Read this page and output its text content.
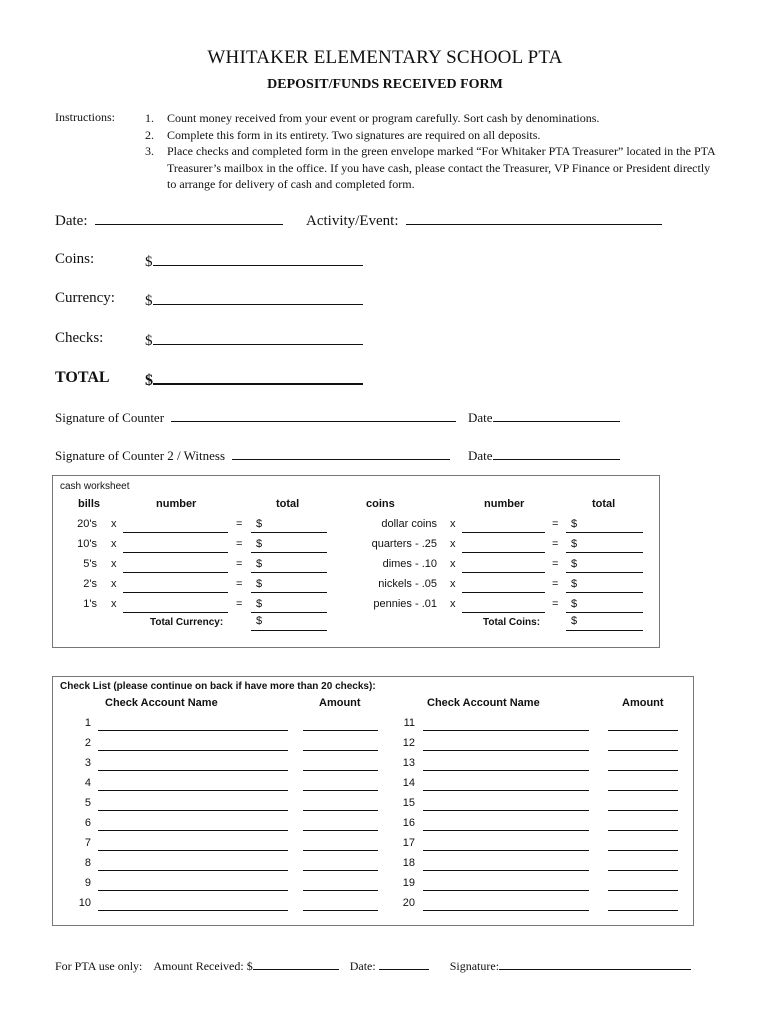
WHITAKER ELEMENTARY SCHOOL PTA
DEPOSIT/FUNDS RECEIVED FORM
Instructions:	1.	Count money received from your event or program carefully. Sort cash by denominations.
2.	Complete this form in its entirety. Two signatures are required on all deposits.
3.	Place checks and completed form in the green envelope marked “For Whitaker PTA Treasurer” located in the PTA Treasurer’s mailbox in the office. If you have cash, please contact the Treasurer, VP Finance or President directly to arrange for delivery of cash and completed form.
Date:	Activity/Event:
Coins:	$
Currency: $
Checks:	$
TOTAL $
Signature of Counter	Date
Signature of Counter 2 / Witness	Date
cash worksheet
bills	number	total	coins	number	total
20's x	= $	dollar coins x	= $
10's x	= $	quarters - .25 x	= $
5's x	= $	dimes - .10 x	= $
2's x	= $	nickels - .05 x	= $
1's x	= $	pennies - .01 x	= $
Total Currency:	$	Total Coins:	$
Check List (please continue on back if have more than 20 checks):
Check Account Name	Amount	Check Account Name	Amount
1	11
2	12
3	13
4	14
5	15
6	16
7	17
8	18
9	19
10	20
For PTA use only: Amount Received: $	Date:	Signature:
